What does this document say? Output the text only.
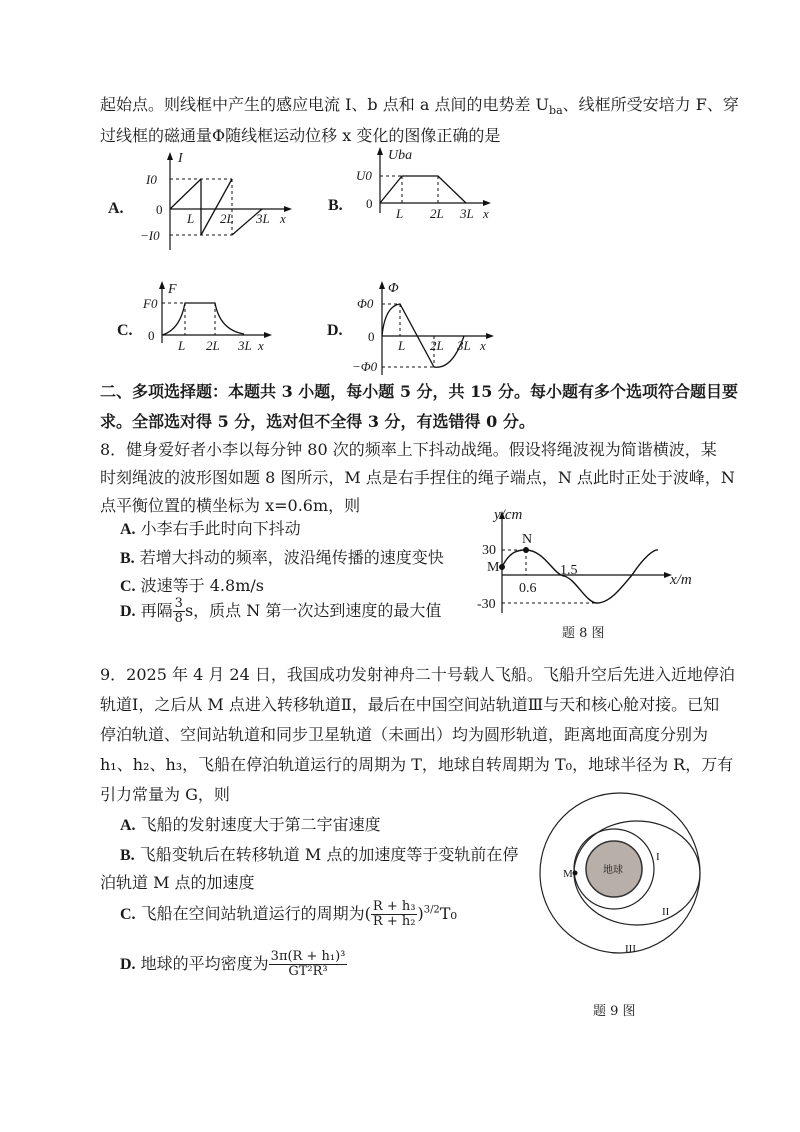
起始点。则线框中产生的感应电流 I、b 点和 a 点间的电势差 $U_{ba}$、线框所受安培力 F、穿
过线框的磁通量Φ随线框运动位移 x 变化的图像正确的是
A.
I
I0
−I0
0
L 2L 3L x
B.
Uba
U0
0
L 2L 3L x
C.
F
F0
0
L 2L 3L x
D.
Φ
Φ0
−Φ0
0
L 2L 3L x
二、多项选择题：本题共 3 小题，每小题 5 分，共 15 分。每小题有多个选项符合题目要
求。全部选对得 5 分，选对但不全得 3 分，有选错得 0 分。
8．健身爱好者小李以每分钟 80 次的频率上下抖动战绳。假设将绳波视为简谐横波，某
时刻绳波的波形图如题 8 图所示，M 点是右手捏住的绳子端点，N 点此时正处于波峰，N
点平衡位置的横坐标为 x=0.6m，则
A. 小李右手此时向下抖动
B. 若增大抖动的频率，波沿绳传播的速度变快
C. 波速等于 4.8m/s
D. 再隔 $\frac{3}{8}$ s，质点 N 第一次达到速度的最大值
y/cm
x/m
30
-30
M
N
0.6
1.5
题 8 图
9．2025 年 4 月 24 日，我国成功发射神舟二十号载人飞船。飞船升空后先进入近地停泊
轨道Ⅰ，之后从 M 点进入转移轨道Ⅱ，最后在中国空间站轨道Ⅲ与天和核心舱对接。已知
停泊轨道、空间站轨道和同步卫星轨道（未画出）均为圆形轨道，距离地面高度分别为
h₁、h₂、h₃，飞船在停泊轨道运行的周期为 T，地球自转周期为 T₀，地球半径为 R，万有
引力常量为 G，则
A. 飞船的发射速度大于第二宇宙速度
B. 飞船变轨后在转移轨道 M 点的加速度等于变轨前在停
泊轨道 M 点的加速度
C. 飞船在空间站轨道运行的周期为( $\frac{\text{R + h₃}}{\text{R + h₂}} )^{3/2}T_0$
D. 地球的平均密度为 $\frac{\text{3π(R + h₁)³}}{\text{GT²R³}}$
地球
M
I
II
III
题 9 图
